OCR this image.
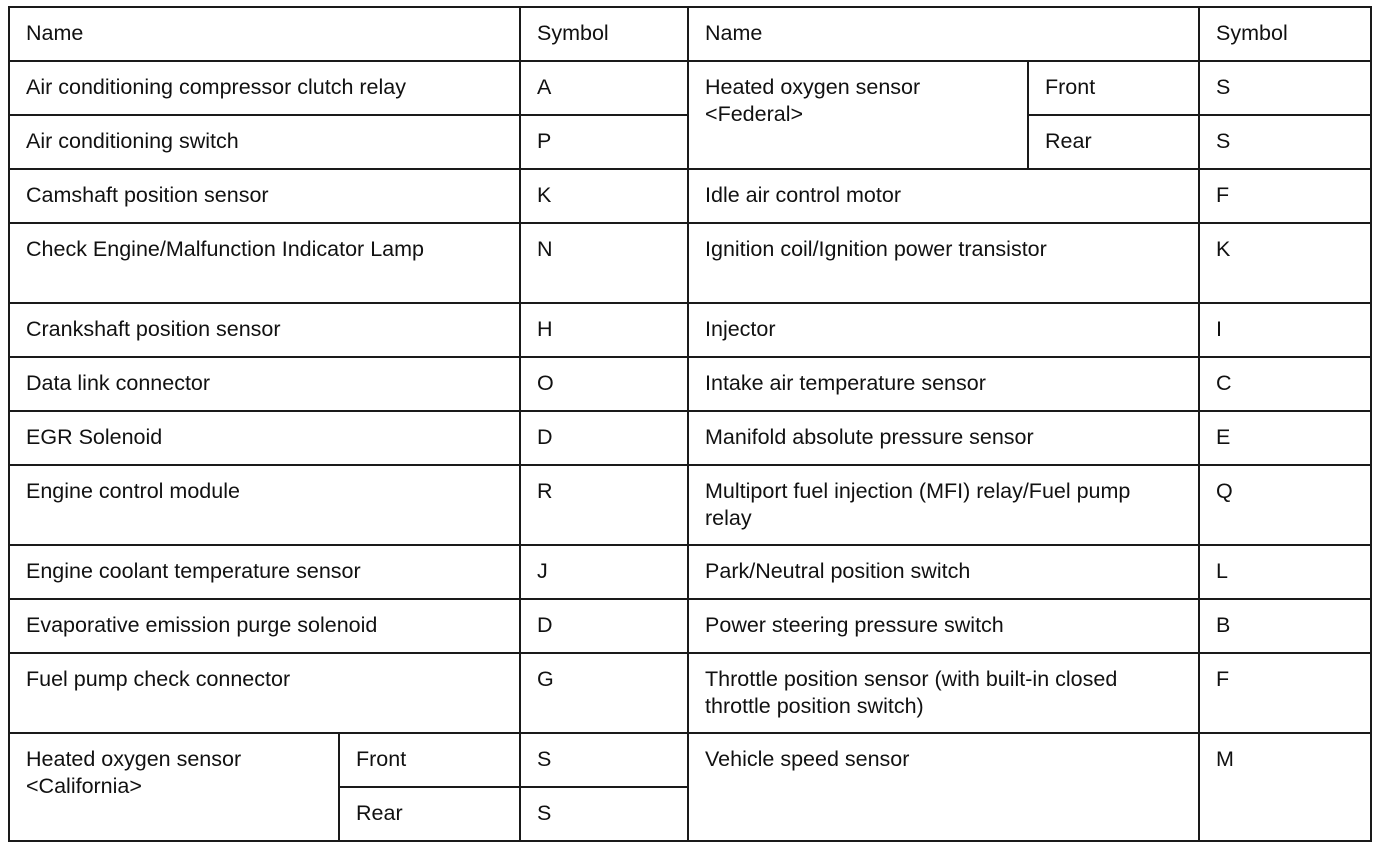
Name		Symbol	Name		Symbol
Air conditioning compressor clutch relay		A	Heated oxygen sensor <Federal>	Front	S
Air conditioning switch		P		Rear	S
Camshaft position sensor		K	Idle air control motor		F
Check Engine/Malfunction Indicator Lamp		N	Ignition coil/Ignition power transistor		K
Crankshaft position sensor		H	Injector		I
Data link connector		O	Intake air temperature sensor		C
EGR Solenoid		D	Manifold absolute pressure sensor		E
Engine control module		R	Multiport fuel injection (MFI) relay/Fuel pump relay		Q
Engine coolant temperature sensor		J	Park/Neutral position switch		L
Evaporative emission purge solenoid		D	Power steering pressure switch		B
Fuel pump check connector		G	Throttle position sensor (with built-in closed throttle position switch)		F
Heated oxygen sensor <California>	Front	S	Vehicle speed sensor		M
	Rear	S			
